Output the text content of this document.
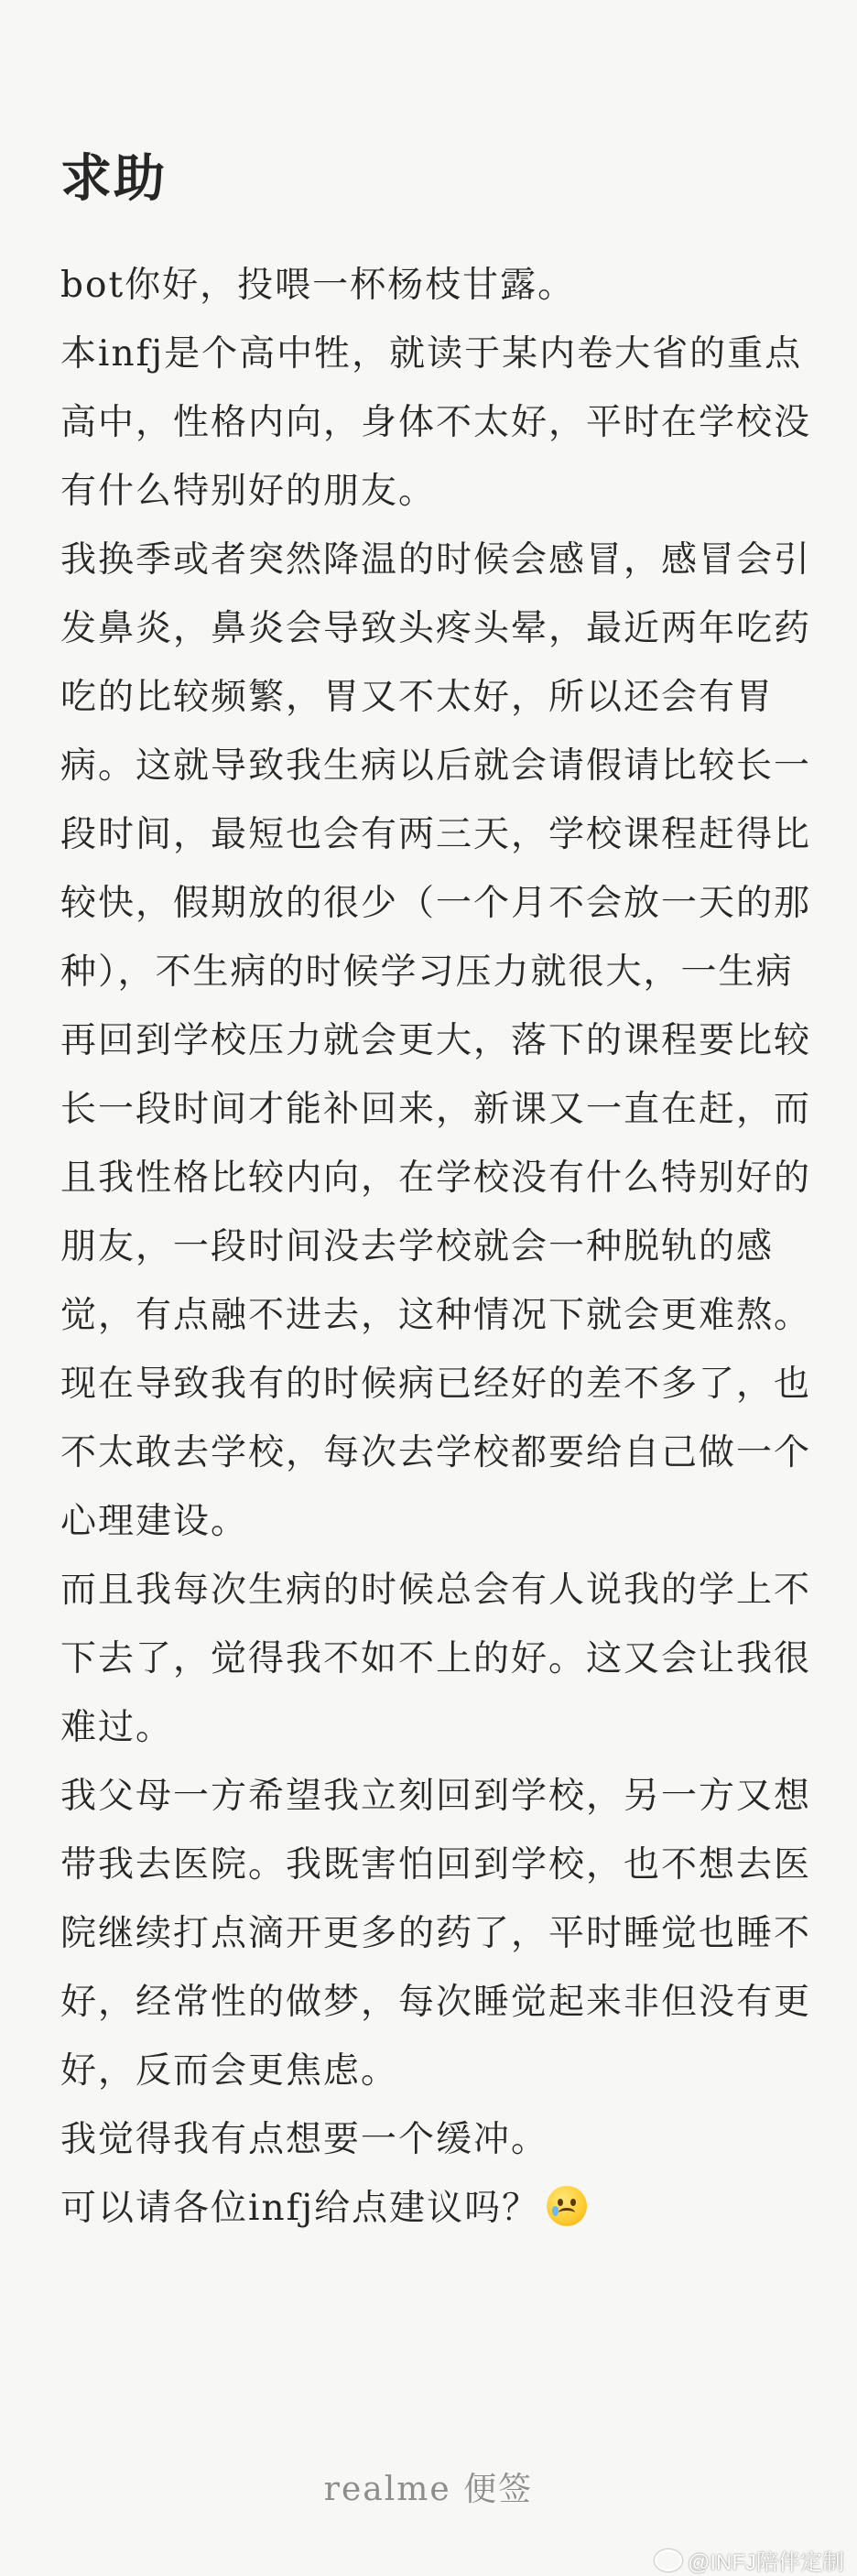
求助

bot你好，投喂一杯杨枝甘露。

本infj是个高中牲，就读于某内卷大省的重点高中，性格内向，身体不太好，平时在学校没有什么特别好的朋友。

我换季或者突然降温的时候会感冒，感冒会引发鼻炎，鼻炎会导致头疼头晕，最近两年吃药吃的比较频繁，胃又不太好，所以还会有胃病。这就导致我生病以后就会请假请比较长一段时间，最短也会有两三天，学校课程赶得比较快，假期放的很少（一个月不会放一天的那种），不生病的时候学习压力就很大，一生病再回到学校压力就会更大，落下的课程要比较长一段时间才能补回来，新课又一直在赶，而且我性格比较内向，在学校没有什么特别好的朋友，一段时间没去学校就会一种脱轨的感觉，有点融不进去，这种情况下就会更难熬。现在导致我有的时候病已经好的差不多了，也不太敢去学校，每次去学校都要给自己做一个心理建设。

而且我每次生病的时候总会有人说我的学上不下去了，觉得我不如不上的好。这又会让我很难过。

我父母一方希望我立刻回到学校，另一方又想带我去医院。我既害怕回到学校，也不想去医院继续打点滴开更多的药了，平时睡觉也睡不好，经常性的做梦，每次睡觉起来非但没有更好，反而会更焦虑。

我觉得我有点想要一个缓冲。

可以请各位infj给点建议吗？

realme 便签
@INFJ陪伴定制
